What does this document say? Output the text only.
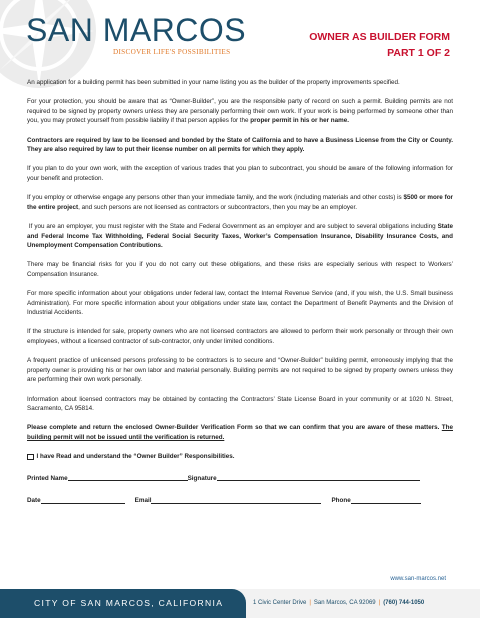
SAN MARCOS
DISCOVER LIFE'S POSSIBILITIES
OWNER AS BUILDER FORM
PART 1 OF 2

An application for a building permit has been submitted in your name listing you as the builder of the property improvements specified.

For your protection, you should be aware that as “Owner-Builder”, you are the responsible party of record on such a permit. Building permits are not required to be signed by property owners unless they are personally performing their own work. If your work is being performed by someone other than you, you may protect yourself from possible liability if that person applies for the proper permit in his or her name.

Contractors are required by law to be licensed and bonded by the State of California and to have a Business License from the City or County. They are also required by law to put their license number on all permits for which they apply.

If you plan to do your own work, with the exception of various trades that you plan to subcontract, you should be aware of the following information for your benefit and protection.

If you employ or otherwise engage any persons other than your immediate family, and the work (including materials and other costs) is $500 or more for the entire project, and such persons are not licensed as contractors or subcontractors, then you may be an employer.

If you are an employer, you must register with the State and Federal Government as an employer and are subject to several obligations including State and Federal Income Tax Withholding, Federal Social Security Taxes, Worker’s Compensation Insurance, Disability Insurance Costs, and Unemployment Compensation Contributions.

There may be financial risks for you if you do not carry out these obligations, and these risks are especially serious with respect to Workers’ Compensation Insurance.

For more specific information about your obligations under federal law, contact the Internal Revenue Service (and, if you wish, the U.S. Small business Administration). For more specific information about your obligations under state law, contact the Department of Benefit Payments and the Division of Industrial Accidents.

If the structure is intended for sale, property owners who are not licensed contractors are allowed to perform their work personally or through their own employees, without a licensed contractor of sub-contractor, only under limited conditions.

A frequent practice of unlicensed persons professing to be contractors is to secure and “Owner-Builder” building permit, erroneously implying that the property owner is providing his or her own labor and material personally. Building permits are not required to be signed by property owners unless they are performing their own work personally.

Information about licensed contractors may be obtained by contacting the Contractors’ State License Board in your community or at 1020 N. Street, Sacramento, CA 95814.

Please complete and return the enclosed Owner-Builder Verification Form so that we can confirm that you are aware of these matters. The building permit will not be issued until the verification is returned.

I have Read and understand the “Owner Builder” Responsibilities.
Printed Name	Signature
Date	Email	Phone
www.san-marcos.net
CITY OF SAN MARCOS, CALIFORNIA	1 Civic Center Drive | San Marcos, CA 92069 | (760) 744-1050
